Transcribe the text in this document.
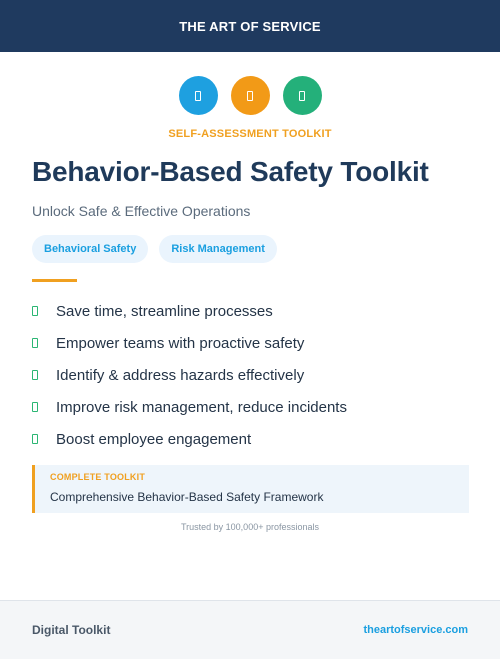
THE ART OF SERVICE
SELF-ASSESSMENT TOOLKIT
Behavior-Based Safety Toolkit
Unlock Safe & Effective Operations
Behavioral Safety	Risk Management
Save time, streamline processes
Empower teams with proactive safety
Identify & address hazards effectively
Improve risk management, reduce incidents
Boost employee engagement
COMPLETE TOOLKIT
Comprehensive Behavior-Based Safety Framework
Trusted by 100,000+ professionals
Digital Toolkit	theartofservice.com
